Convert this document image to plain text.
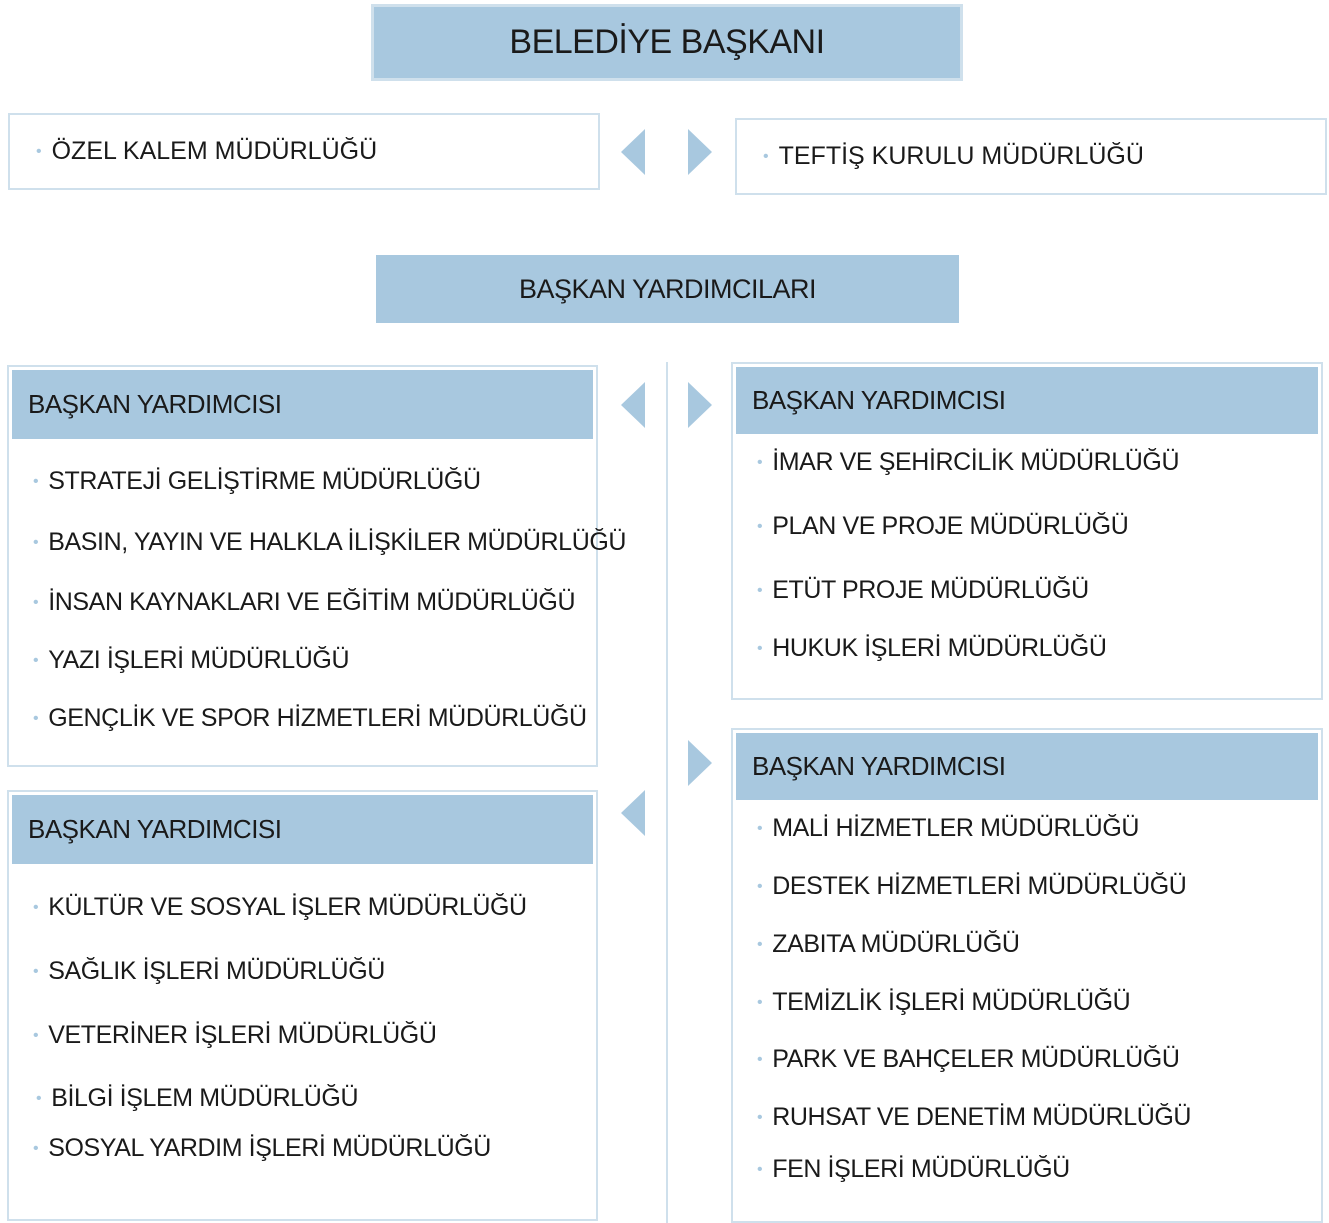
BELEDİYE BAŞKANI
• ÖZEL KALEM MÜDÜRLÜĞÜ	• TEFTİŞ KURULU MÜDÜRLÜĞÜ
BAŞKAN YARDIMCILARI
BAŞKAN YARDIMCISI
• STRATEJİ GELİŞTİRME MÜDÜRLÜĞÜ
• BASIN, YAYIN VE HALKLA İLİŞKİLER MÜDÜRLÜĞÜ
• İNSAN KAYNAKLARI VE EĞİTİM MÜDÜRLÜĞÜ
• YAZI İŞLERİ MÜDÜRLÜĞÜ
• GENÇLİK VE SPOR HİZMETLERİ MÜDÜRLÜĞÜ
BAŞKAN YARDIMCISI
• İMAR VE ŞEHİRCİLİK MÜDÜRLÜĞÜ
• PLAN VE PROJE MÜDÜRLÜĞÜ
• ETÜT PROJE MÜDÜRLÜĞÜ
• HUKUK İŞLERİ MÜDÜRLÜĞÜ
BAŞKAN YARDIMCISI
• KÜLTÜR VE SOSYAL İŞLER MÜDÜRLÜĞÜ
• SAĞLIK İŞLERİ MÜDÜRLÜĞÜ
• VETERİNER İŞLERİ MÜDÜRLÜĞÜ
• BİLGİ İŞLEM MÜDÜRLÜĞÜ
• SOSYAL YARDIM İŞLERİ MÜDÜRLÜĞÜ
BAŞKAN YARDIMCISI
• MALİ HİZMETLER MÜDÜRLÜĞÜ
• DESTEK HİZMETLERİ MÜDÜRLÜĞÜ
• ZABITA MÜDÜRLÜĞÜ
• TEMİZLİK İŞLERİ MÜDÜRLÜĞÜ
• PARK VE BAHÇELER MÜDÜRLÜĞÜ
• RUHSAT VE DENETİM MÜDÜRLÜĞÜ
• FEN İŞLERİ MÜDÜRLÜĞÜ
